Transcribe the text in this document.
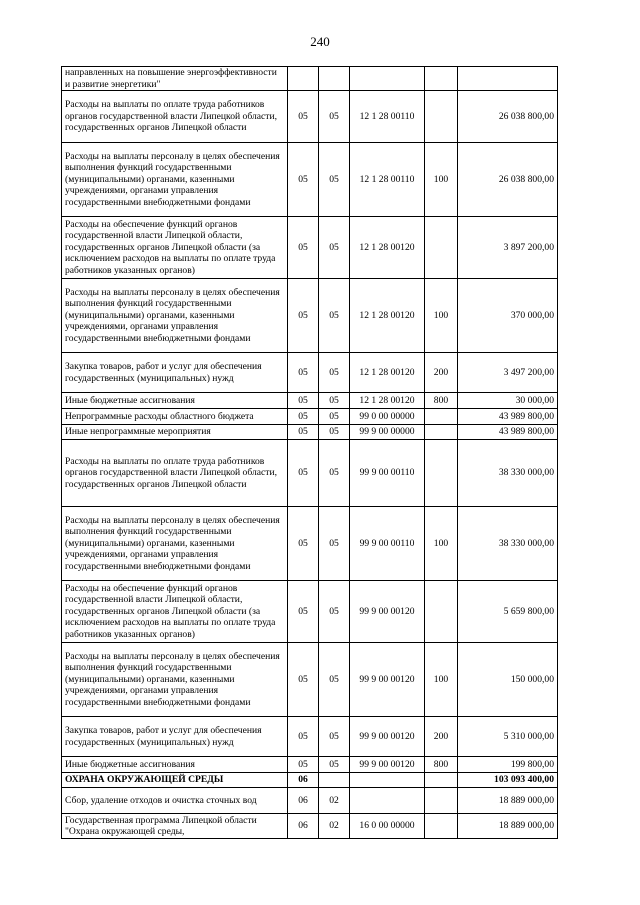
240
направленных на повышение энергоэффективности и развитие энергетики"					
Расходы на выплаты по оплате труда работников органов государственной власти Липецкой области, государственных органов Липецкой области	05	05	12 1 28 00110		26 038 800,00
Расходы на выплаты персоналу в целях обеспечения выполнения функций государственными (муниципальными) органами, казенными учреждениями, органами управления государственными внебюджетными фондами	05	05	12 1 28 00110	100	26 038 800,00
Расходы на обеспечение функций органов государственной власти Липецкой области, государственных органов Липецкой области (за исключением расходов на выплаты по оплате труда работников указанных органов)	05	05	12 1 28 00120		3 897 200,00
Расходы на выплаты персоналу в целях обеспечения выполнения функций государственными (муниципальными) органами, казенными учреждениями, органами управления государственными внебюджетными фондами	05	05	12 1 28 00120	100	370 000,00
Закупка товаров, работ и услуг для обеспечения государственных (муниципальных) нужд	05	05	12 1 28 00120	200	3 497 200,00
Иные бюджетные ассигнования	05	05	12 1 28 00120	800	30 000,00
Непрограммные расходы областного бюджета	05	05	99 0 00 00000		43 989 800,00
Иные непрограммные мероприятия	05	05	99 9 00 00000		43 989 800,00
Расходы на выплаты по оплате труда работников органов государственной власти Липецкой области, государственных органов Липецкой области	05	05	99 9 00 00110		38 330 000,00
Расходы на выплаты персоналу в целях обеспечения выполнения функций государственными (муниципальными) органами, казенными учреждениями, органами управления государственными внебюджетными фондами	05	05	99 9 00 00110	100	38 330 000,00
Расходы на обеспечение функций органов государственной власти Липецкой области, государственных органов Липецкой области (за исключением расходов на выплаты по оплате труда работников указанных органов)	05	05	99 9 00 00120		5 659 800,00
Расходы на выплаты персоналу в целях обеспечения выполнения функций государственными (муниципальными) органами, казенными учреждениями, органами управления государственными внебюджетными фондами	05	05	99 9 00 00120	100	150 000,00
Закупка товаров, работ и услуг для обеспечения государственных (муниципальных) нужд	05	05	99 9 00 00120	200	5 310 000,00
Иные бюджетные ассигнования	05	05	99 9 00 00120	800	199 800,00
ОХРАНА ОКРУЖАЮЩЕЙ СРЕДЫ	06				103 093 400,00
Сбор, удаление отходов и очистка сточных вод	06	02			18 889 000,00
Государственная программа Липецкой области "Охрана окружающей среды,	06	02	16 0 00 00000		18 889 000,00
